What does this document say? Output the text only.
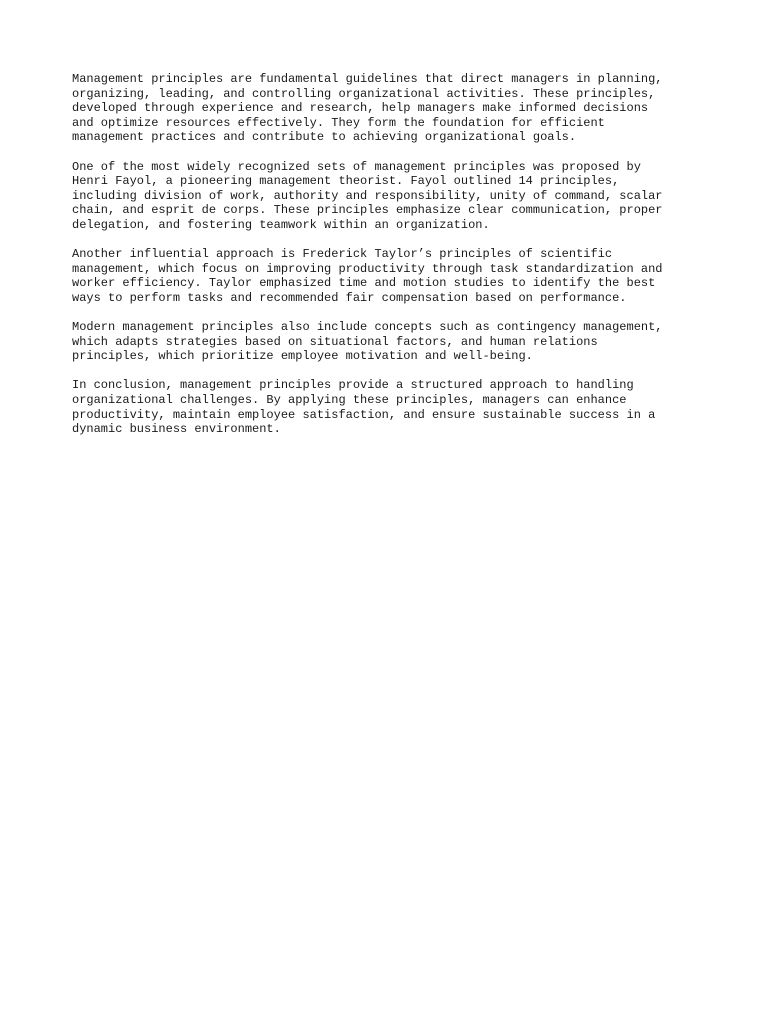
Management principles are fundamental guidelines that direct managers in planning,
organizing, leading, and controlling organizational activities. These principles,
developed through experience and research, help managers make informed decisions
and optimize resources effectively. They form the foundation for efficient
management practices and contribute to achieving organizational goals.

One of the most widely recognized sets of management principles was proposed by
Henri Fayol, a pioneering management theorist. Fayol outlined 14 principles,
including division of work, authority and responsibility, unity of command, scalar
chain, and esprit de corps. These principles emphasize clear communication, proper
delegation, and fostering teamwork within an organization.

Another influential approach is Frederick Taylor’s principles of scientific
management, which focus on improving productivity through task standardization and
worker efficiency. Taylor emphasized time and motion studies to identify the best
ways to perform tasks and recommended fair compensation based on performance.

Modern management principles also include concepts such as contingency management,
which adapts strategies based on situational factors, and human relations
principles, which prioritize employee motivation and well-being.

In conclusion, management principles provide a structured approach to handling
organizational challenges. By applying these principles, managers can enhance
productivity, maintain employee satisfaction, and ensure sustainable success in a
dynamic business environment.
